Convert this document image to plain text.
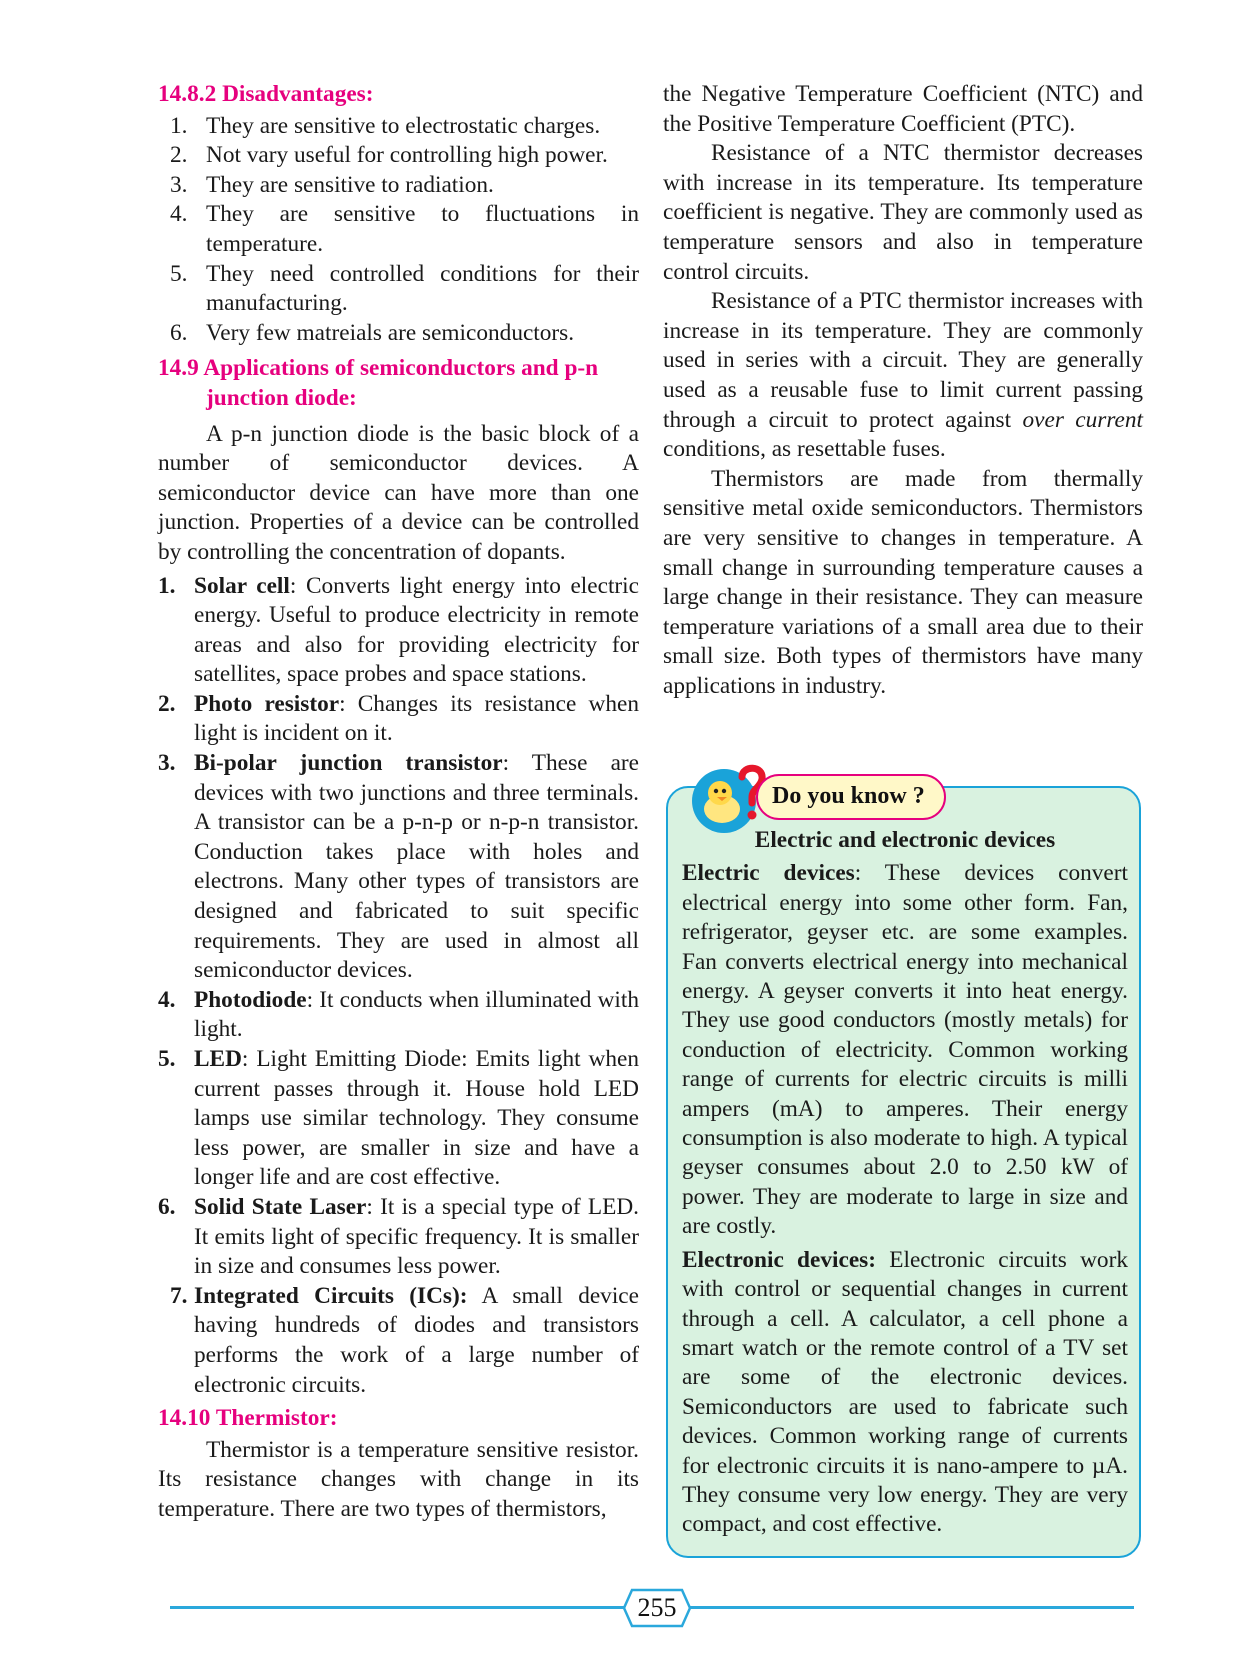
14.8.2 Disadvantages:
1. They are sensitive to electrostatic charges.
2. Not vary useful for controlling high power.
3. They are sensitive to radiation.
4. They are sensitive to fluctuations in temperature.
5. They need controlled conditions for their manufacturing.
6. Very few matreials are semiconductors.
14.9 Applications of semiconductors and p-n junction diode:

A p-n junction diode is the basic block of a number of semiconductor devices. A semiconductor device can have more than one junction. Properties of a device can be controlled by controlling the concentration of dopants.

1. Solar cell: Converts light energy into electric energy. Useful to produce electricity in remote areas and also for providing electricity for satellites, space probes and space stations.
2. Photo resistor: Changes its resistance when light is incident on it.
3. Bi-polar junction transistor: These are devices with two junctions and three terminals. A transistor can be a p-n-p or n-p-n transistor. Conduction takes place with holes and electrons. Many other types of transistors are designed and fabricated to suit specific requirements. They are used in almost all semiconductor devices.
4. Photodiode: It conducts when illuminated with light.
5. LED: Light Emitting Diode: Emits light when current passes through it. House hold LED lamps use similar technology. They consume less power, are smaller in size and have a longer life and are cost effective.
6. Solid State Laser: It is a special type of LED. It emits light of specific frequency. It is smaller in size and consumes less power.
7. Integrated Circuits (ICs): A small device having hundreds of diodes and transistors performs the work of a large number of electronic circuits.
14.10 Thermistor:

Thermistor is a temperature sensitive resistor. Its resistance changes with change in its temperature. There are two types of thermistors,

the Negative Temperature Coefficient (NTC) and the Positive Temperature Coefficient (PTC).

Resistance of a NTC thermistor decreases with increase in its temperature. Its temperature coefficient is negative. They are commonly used as temperature sensors and also in temperature control circuits.

Resistance of a PTC thermistor increases with increase in its temperature. They are commonly used in series with a circuit. They are generally used as a reusable fuse to limit current passing through a circuit to protect against over current conditions, as resettable fuses.

Thermistors are made from thermally sensitive metal oxide semiconductors. Thermistors are very sensitive to changes in temperature. A small change in surrounding temperature causes a large change in their resistance. They can measure temperature variations of a small area due to their small size. Both types of thermistors have many applications in industry.

Do you know ?
Electric and electronic devices

Electric devices: These devices convert electrical energy into some other form. Fan, refrigerator, geyser etc. are some examples. Fan converts electrical energy into mechanical energy. A geyser converts it into heat energy. They use good conductors (mostly metals) for conduction of electricity. Common working range of currents for electric circuits is milli ampers (mA) to amperes. Their energy consumption is also moderate to high. A typical geyser consumes about 2.0 to 2.50 kW of power. They are moderate to large in size and are costly.

Electronic devices: Electronic circuits work with control or sequential changes in current through a cell. A calculator, a cell phone a smart watch or the remote control of a TV set are some of the electronic devices. Semiconductors are used to fabricate such devices. Common working range of currents for electronic circuits it is nano-ampere to µA. They consume very low energy. They are very compact, and cost effective.

255
